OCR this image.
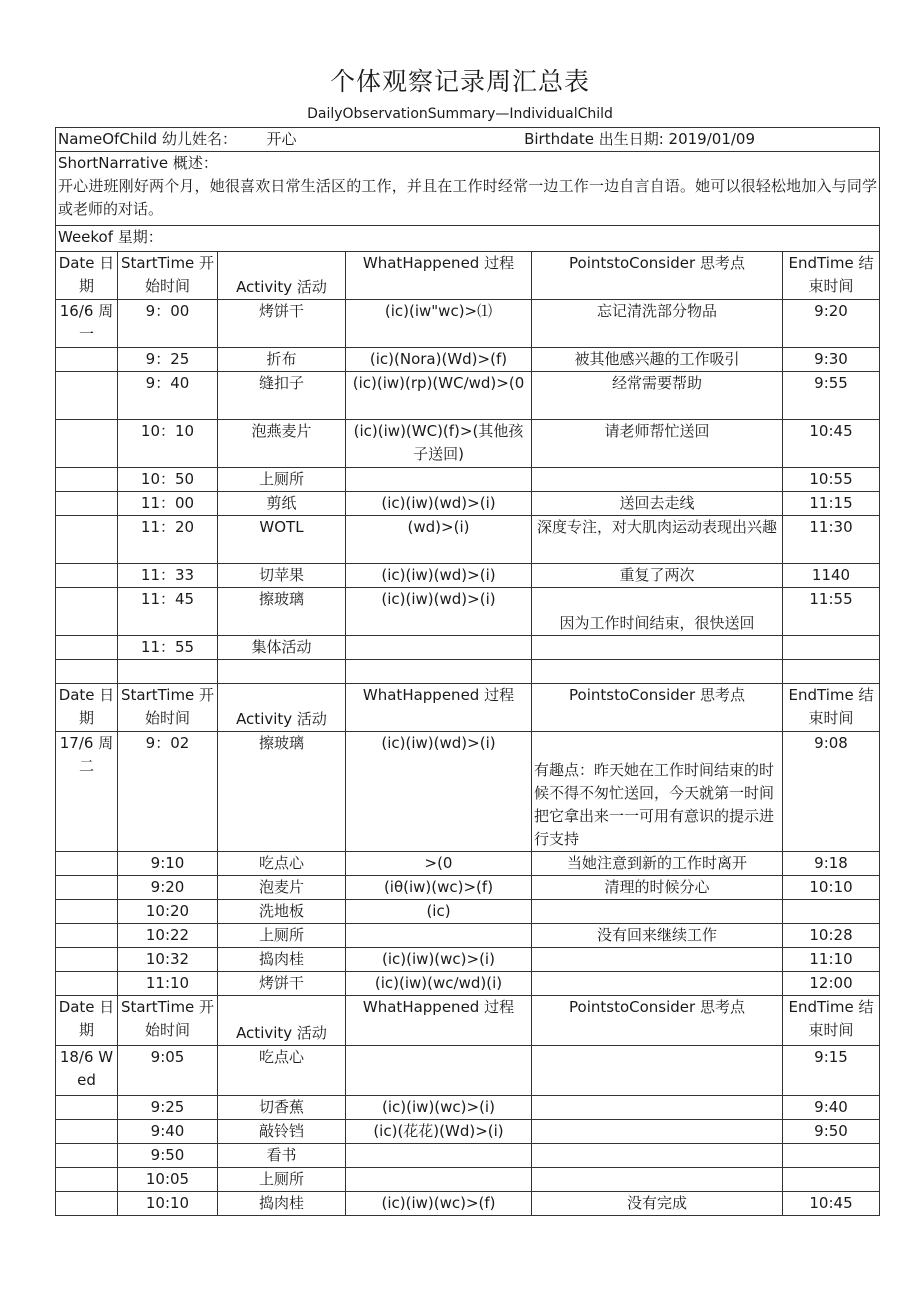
个体观察记录周汇总表
DailyObservationSummary—IndividualChild
NameOfChild 幼儿姓名： 开心 Birthdate 出生日期: 2019/01/09					

ShortNarrative 概述：
开心进班刚好两个月，她很喜欢日常生活区的工作，并且在工作时经常一边工作一边自言自语。她可以很轻松地加入与同学或老师的对话。					

Weekof 星期：					
Date 日期	StartTime 开始时间	Activity 活动	WhatHappened 过程	PointstoConsider 思考点	EndTime 结束时间
16/6 周一	9：00	烤饼干	(ic)(iw"wc)>⑴	忘记清洗部分物品	9:20
	9：25	折布	(ic)(Nora)(Wd)>(f)	被其他感兴趣的工作吸引	9:30
	9：40	缝扣子	(ic)(iw)(rp)(WC∕wd)>(0	经常需要帮助	9:55
	10：10	泡燕麦片	(ic)(iw)(WC)(f)>(其他孩子送回)	请老师帮忙送回	10:45
	10：50	上厕所			10:55
	11：00	剪纸	(ic)(iw)(wd)>(i)	送回去走线	11:15
	11：20	WOTL	(wd)>(i)	深度专注，对大肌肉运动表现出兴趣	11:30
	11：33	切苹果	(ic)(iw)(wd)>(i)	重复了两次	1140
	11：45	擦玻璃	(ic)(iw)(wd)>(i)	因为工作时间结束，很快送回	11:55
	11：55	集体活动			

Date 日期	StartTime 开始时间	Activity 活动	WhatHappened 过程	PointstoConsider 思考点	EndTime 结束时间
17/6 周二	9：02	擦玻璃	(ic)(iw)(wd)>(i)	有趣点：昨天她在工作时间结束的时候不得不匆忙送回，今天就第一时间把它拿出来一一可用有意识的提示进行支持	9:08
	9:10	吃点心	>(0	当她注意到新的工作时离开	9:18
	9:20	泡麦片	(iθ(iw)(wc)>(f)	清理的时候分心	10:10
	10:20	洗地板	(ic)		
	10:22	上厕所		没有回来继续工作	10:28
	10:32	捣肉桂	(ic)(iw)(wc)>(i)		11:10
	11:10	烤饼干	(ic)(iw)(wc∕wd)(i)		12:00
Date 日期	StartTime 开始时间	Activity 活动	WhatHappened 过程	PointstoConsider 思考点	EndTime 结束时间
18/6 Wed	9:05	吃点心			9:15
	9:25	切香蕉	(ic)(iw)(wc)>(i)		9:40
	9:40	敲铃铛	(ic)(花花)(Wd)>(i)		9:50
	9:50	看书			
	10:05	上厕所			
	10:10	捣肉桂	(ic)(iw)(wc)>(f)	没有完成	10:45
